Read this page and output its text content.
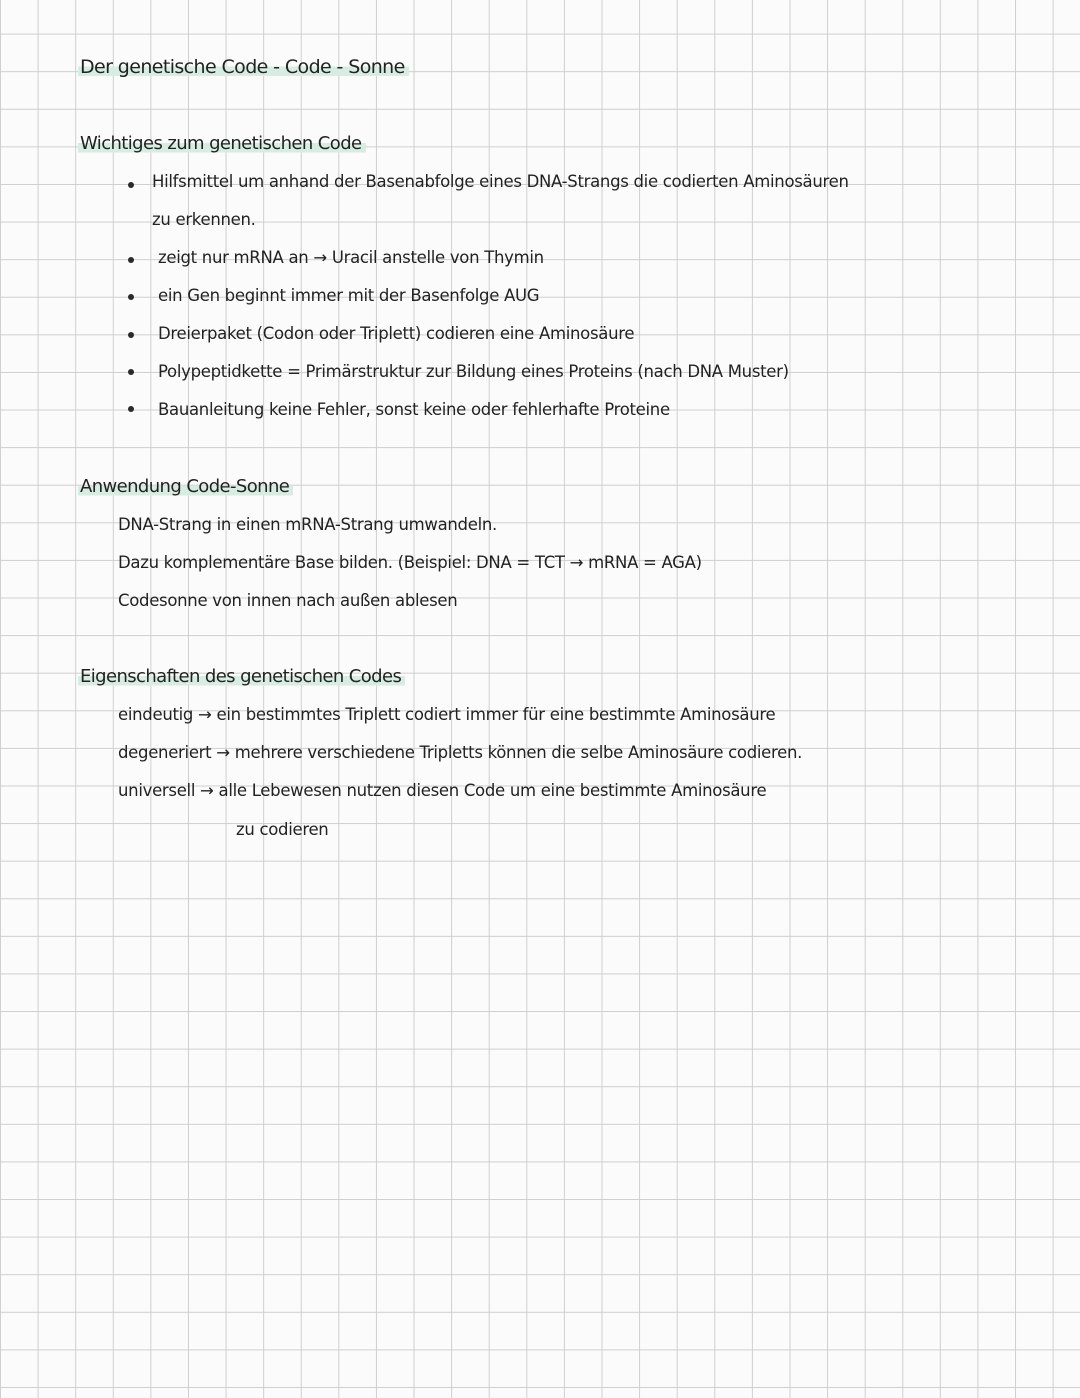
Der genetische Code - Code - Sonne
Wichtiges zum genetischen Code
Hilfsmittel um anhand der Basenabfolge eines DNA-Strangs die codierten Aminosäuren
zu erkennen.
zeigt nur mRNA an → Uracil anstelle von Thymin
ein Gen beginnt immer mit der Basenfolge AUG
Dreierpaket (Codon oder Triplett) codieren eine Aminosäure
Polypeptidkette = Primärstruktur zur Bildung eines Proteins (nach DNA Muster)
Bauanleitung keine Fehler, sonst keine oder fehlerhafte Proteine
Anwendung Code-Sonne
DNA-Strang in einen mRNA-Strang umwandeln.
Dazu komplementäre Base bilden. (Beispiel: DNA = TCT → mRNA = AGA)
Codesonne von innen nach außen ablesen
Eigenschaften des genetischen Codes
eindeutig → ein bestimmtes Triplett codiert immer für eine bestimmte Aminosäure
degeneriert → mehrere verschiedene Tripletts können die selbe Aminosäure codieren.
universell → alle Lebewesen nutzen diesen Code um eine bestimmte Aminosäure
zu codieren
